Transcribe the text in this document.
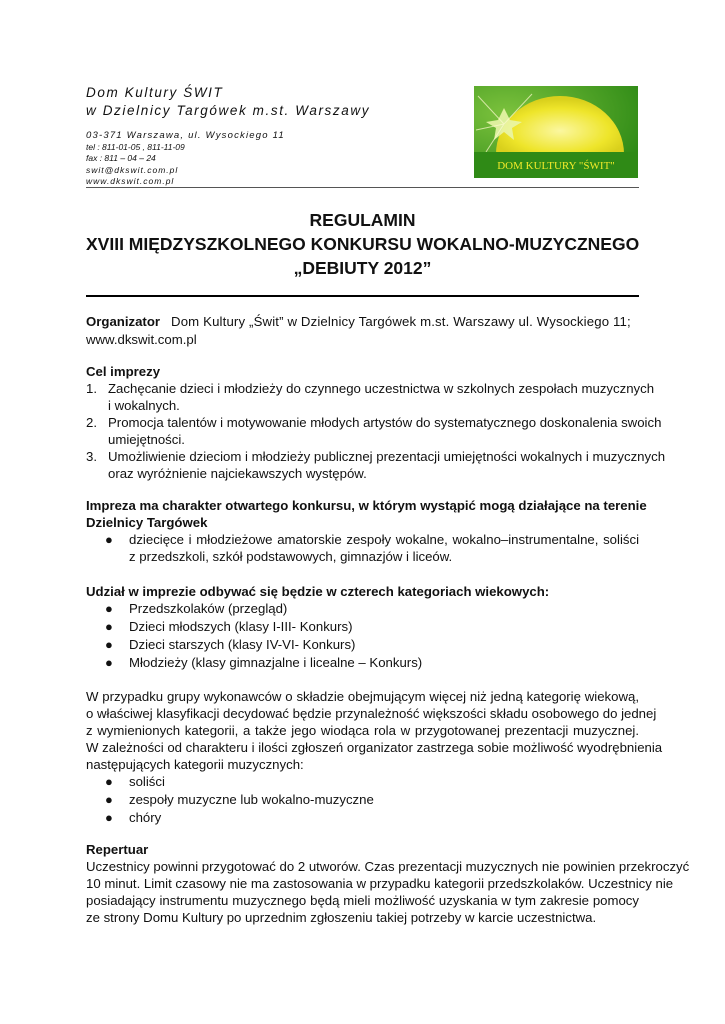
Dom Kultury ŚWIT
w Dzielnicy Targówek m.st. Warszawy
03-371 Warszawa, ul. Wysockiego 11
tel : 811-01-05 , 811-11-09
fax : 811 – 04 – 24
swit@dkswit.com.pl
www.dkswit.com.pl
DOM KULTURY "ŚWIT"
REGULAMIN
XVIII MIĘDZYSZKOLNEGO KONKURSU WOKALNO-MUZYCZNEGO
„DEBIUTY 2012”
Organizator Dom Kultury „Świt” w Dzielnicy Targówek m.st. Warszawy ul. Wysockiego 11;
www.dkswit.com.pl
Cel imprezy
1. Zachęcanie dzieci i młodzieży do czynnego uczestnictwa w szkolnych zespołach muzycznych
i wokalnych.
2. Promocja talentów i motywowanie młodych artystów do systematycznego doskonalenia swoich
umiejętności.
3. Umożliwienie dzieciom i młodzieży publicznej prezentacji umiejętności wokalnych i muzycznych
oraz wyróżnienie najciekawszych występów.
Impreza ma charakter otwartego konkursu, w którym wystąpić mogą działające na terenie
Dzielnicy Targówek
● dziecięce i młodzieżowe amatorskie zespoły wokalne, wokalno–instrumentalne, soliści
z przedszkoli, szkół podstawowych, gimnazjów i liceów.
Udział w imprezie odbywać się będzie w czterech kategoriach wiekowych:
● Przedszkolaków (przegląd)
● Dzieci młodszych (klasy I-III- Konkurs)
● Dzieci starszych (klasy IV-VI- Konkurs)
● Młodzieży (klasy gimnazjalne i licealne – Konkurs)
W przypadku grupy wykonawców o składzie obejmującym więcej niż jedną kategorię wiekową,
o właściwej klasyfikacji decydować będzie przynależność większości składu osobowego do jednej
z wymienionych kategorii, a także jego wiodąca rola w przygotowanej prezentacji muzycznej.
W zależności od charakteru i ilości zgłoszeń organizator zastrzega sobie możliwość wyodrębnienia
następujących kategorii muzycznych:
● soliści
● zespoły muzyczne lub wokalno-muzyczne
● chóry
Repertuar
Uczestnicy powinni przygotować do 2 utworów. Czas prezentacji muzycznych nie powinien przekroczyć
10 minut. Limit czasowy nie ma zastosowania w przypadku kategorii przedszkolaków. Uczestnicy nie
posiadający instrumentu muzycznego będą mieli możliwość uzyskania w tym zakresie pomocy
ze strony Domu Kultury po uprzednim zgłoszeniu takiej potrzeby w karcie uczestnictwa.
